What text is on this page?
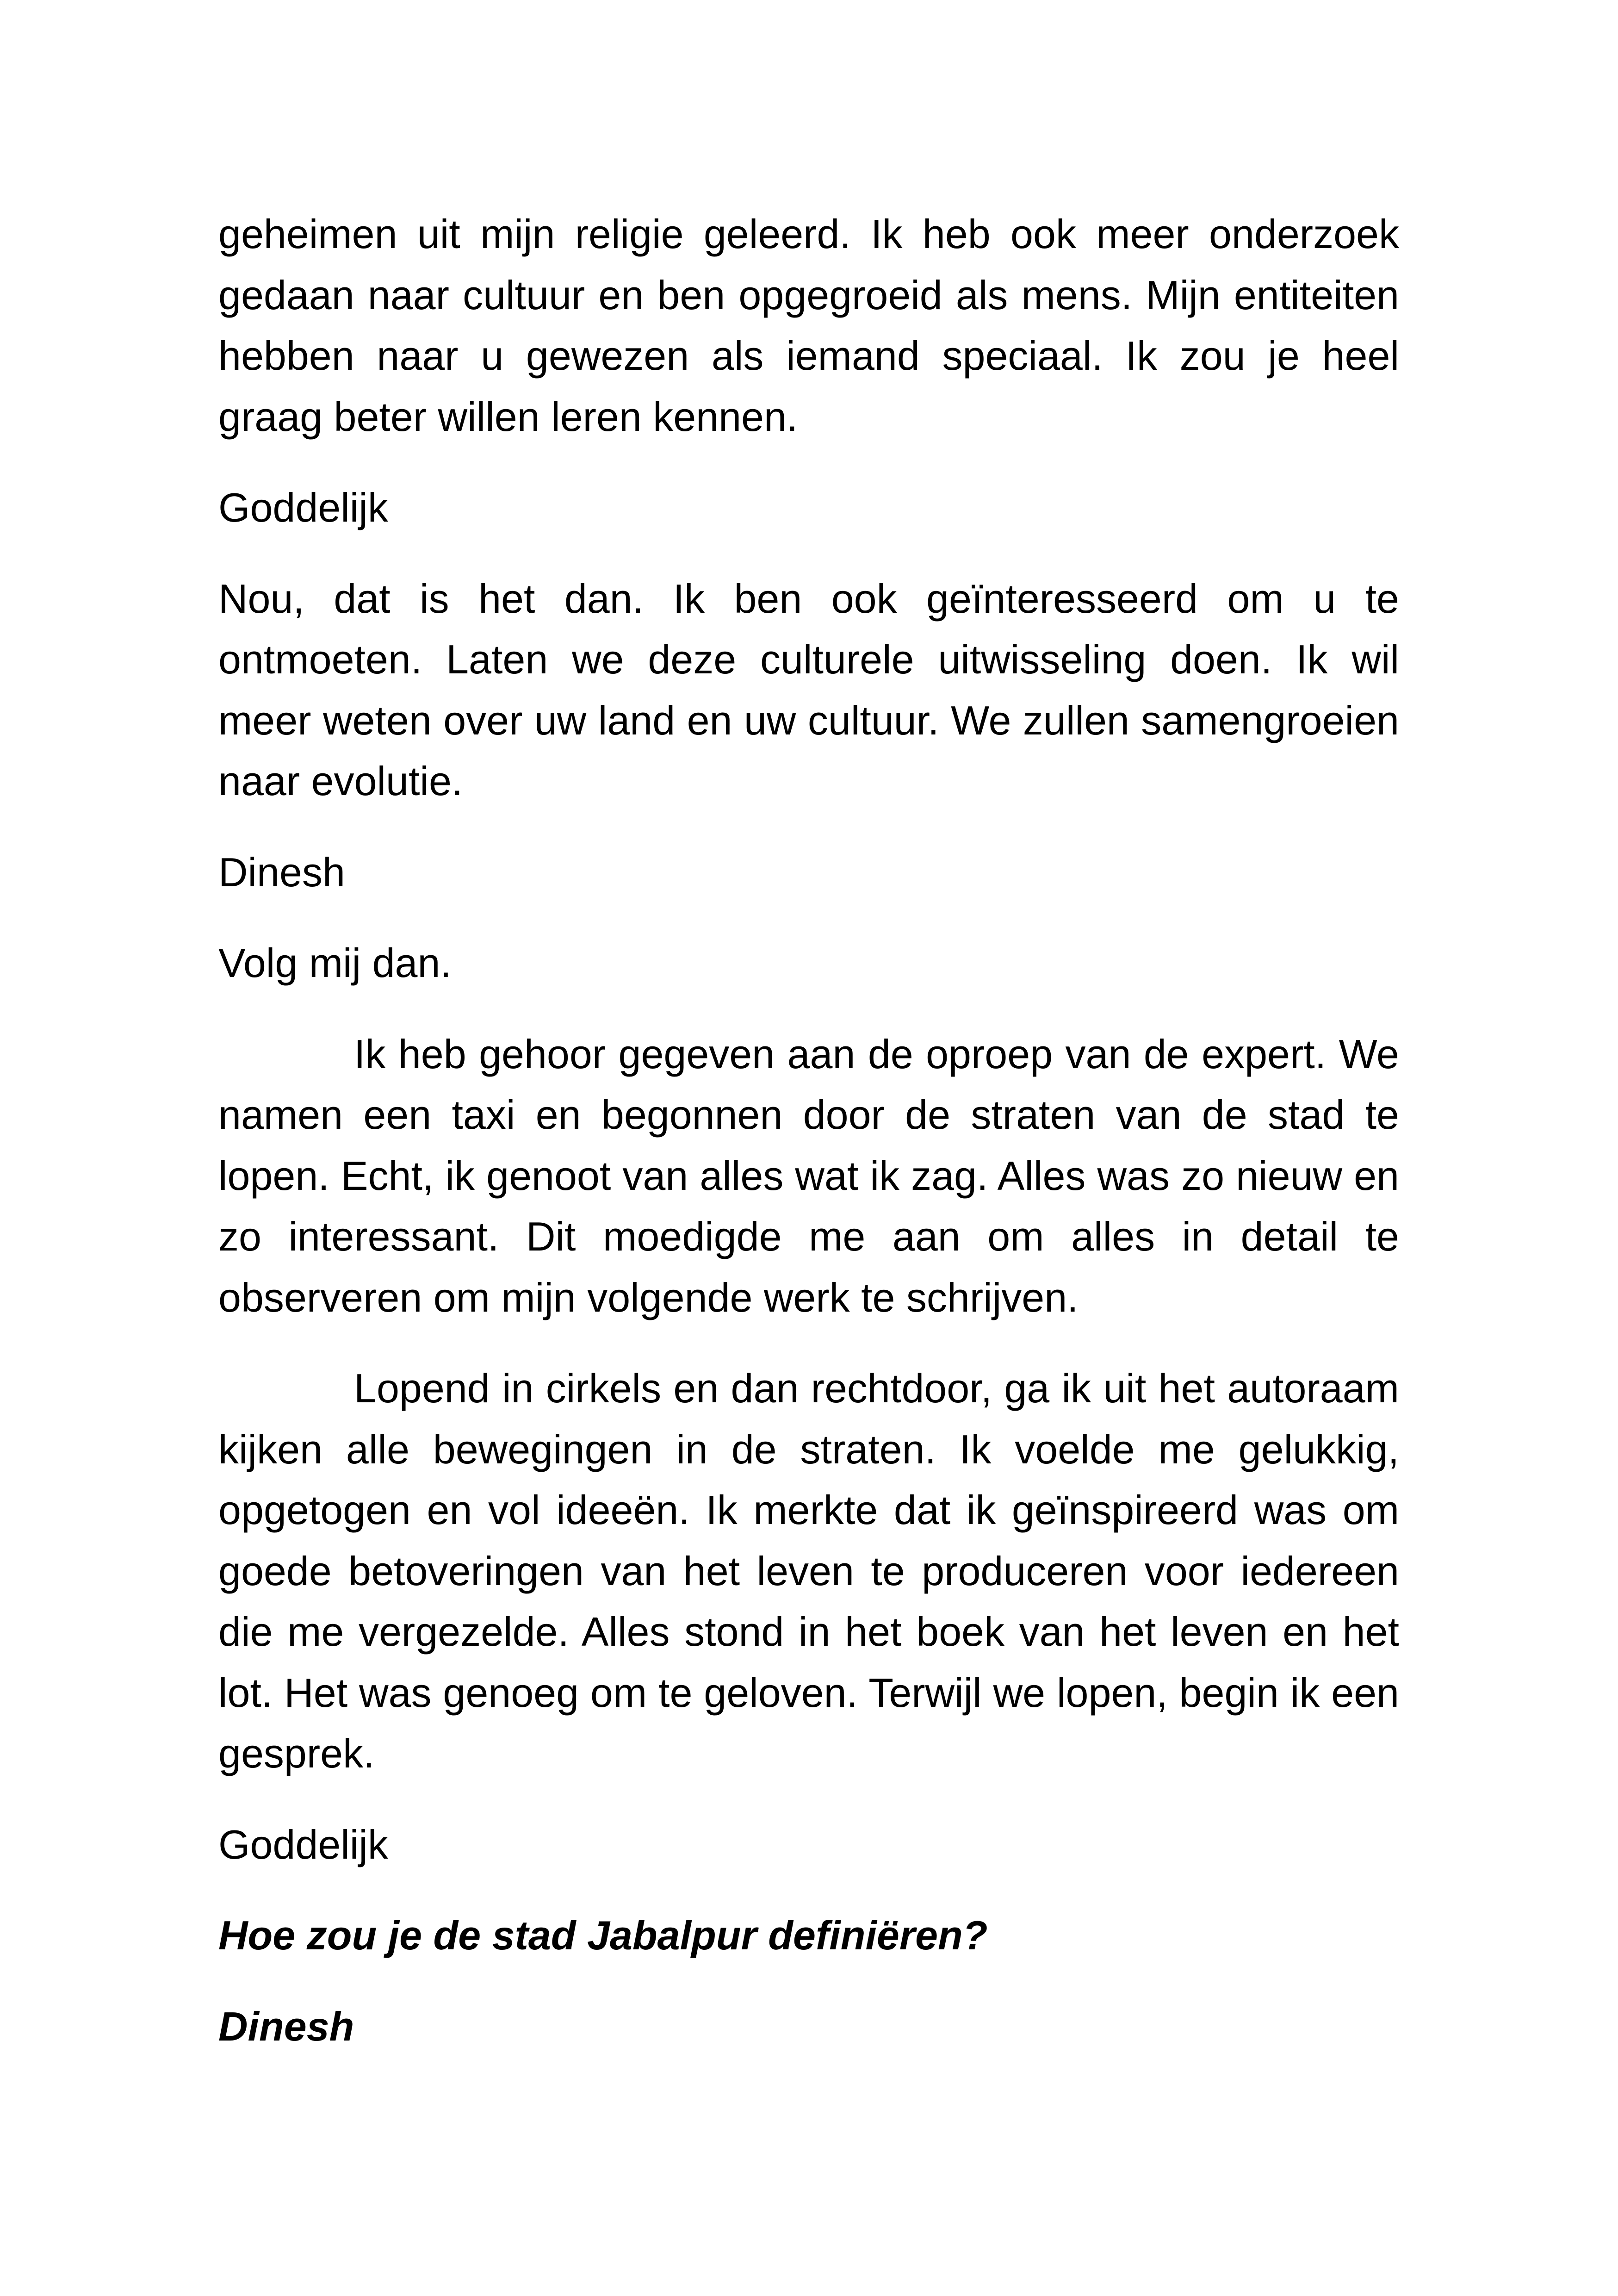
geheimen uit mijn religie geleerd. Ik heb ook meer onderzoek gedaan naar cultuur en ben opgegroeid als mens. Mijn entiteiten hebben naar u gewezen als iemand speciaal. Ik zou je heel graag beter willen leren kennen.

Goddelijk

Nou, dat is het dan. Ik ben ook geïnteresseerd om u te ontmoeten. Laten we deze culturele uitwisseling doen. Ik wil meer weten over uw land en uw cultuur. We zullen samengroeien naar evolutie.

Dinesh

Volg mij dan.

Ik heb gehoor gegeven aan de oproep van de expert. We namen een taxi en begonnen door de straten van de stad te lopen. Echt, ik genoot van alles wat ik zag. Alles was zo nieuw en zo interessant. Dit moedigde me aan om alles in detail te observeren om mijn volgende werk te schrijven.

Lopend in cirkels en dan rechtdoor, ga ik uit het autoraam kijken alle bewegingen in de straten. Ik voelde me gelukkig, opgetogen en vol ideeën. Ik merkte dat ik geïnspireerd was om goede betoveringen van het leven te produceren voor iedereen die me vergezelde. Alles stond in het boek van het leven en het lot. Het was genoeg om te geloven. Terwijl we lopen, begin ik een gesprek.

Goddelijk

Hoe zou je de stad Jabalpur definiëren?

Dinesh
